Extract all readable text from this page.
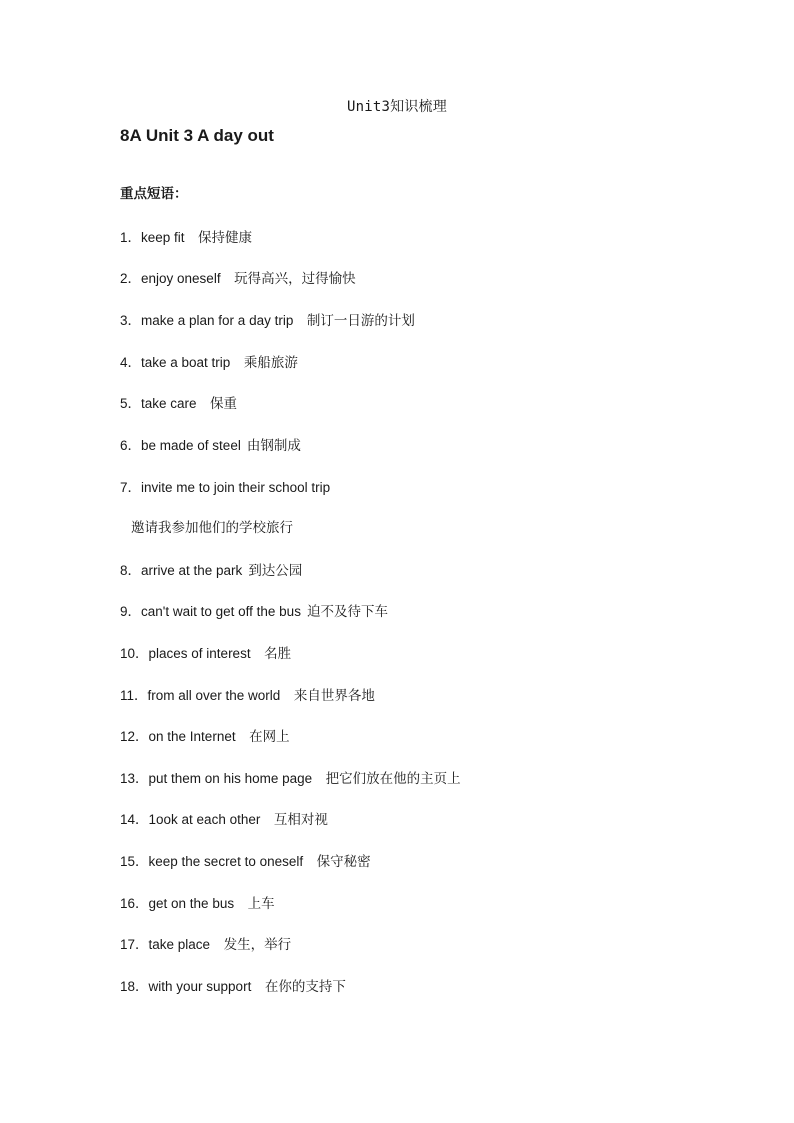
Unit3知识梳理
8A Unit 3 A day out
重点短语：
1．keep fit  保持健康
2．enjoy oneself  玩得高兴，过得愉快
3．make a plan for a day trip  制订一日游的计划
4．take a boat trip  乘船旅游
5．take care  保重
6．be made of steel 由钢制成
7．invite me to join their school trip
邀请我参加他们的学校旅行
8．arrive at the park 到达公园
9．can't wait to get off the bus 迫不及待下车
10．places of interest  名胜
11．from all over the world  来自世界各地
12．on the Internet  在网上
13．put them on his home page  把它们放在他的主页上
14．1ook at each other  互相对视
15．keep the secret to oneself  保守秘密
16．get on the bus  上车
17．take place  发生，举行
18．with your support  在你的支持下
